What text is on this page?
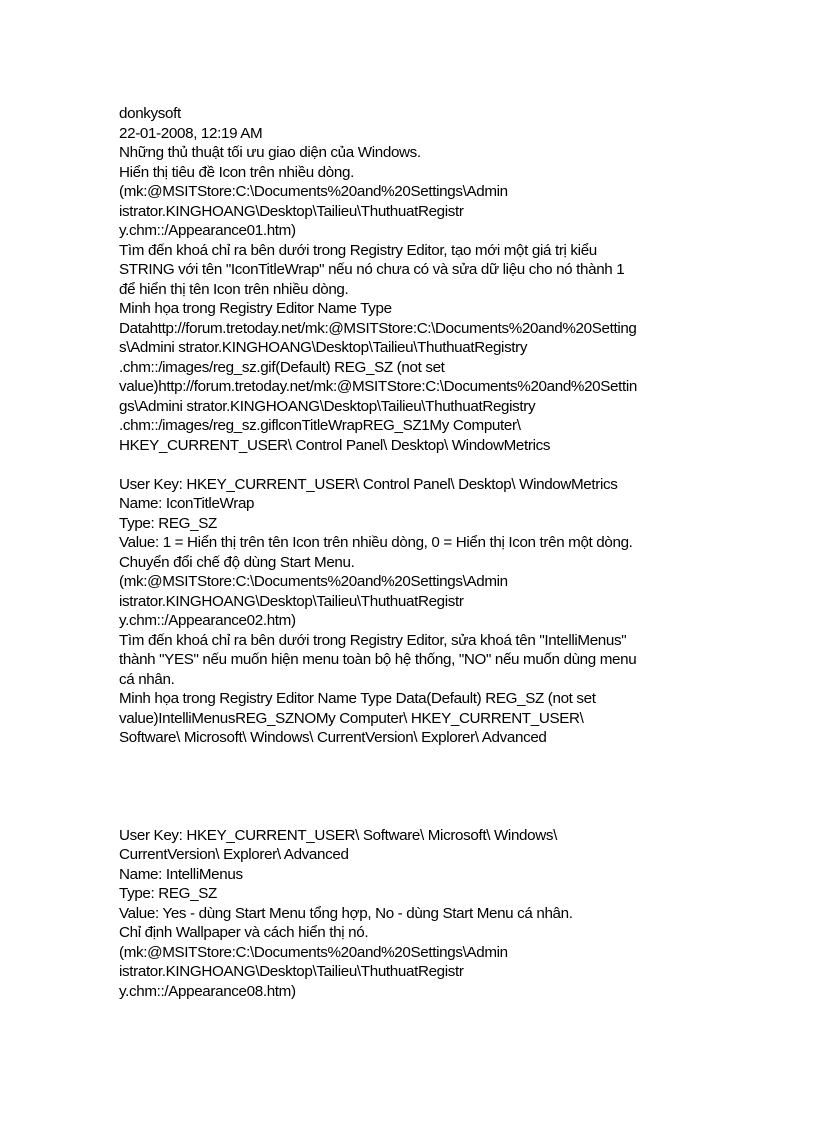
donkysoft
22-01-2008, 12:19 AM
Những thủ thuật tối ưu giao diện của Windows.
Hiển thị tiêu đề Icon trên nhiều dòng.
(mk:@MSITStore:C:\Documents%20and%20Settings\Admin
istrator.KINGHOANG\Desktop\Tailieu\ThuthuatRegistr
y.chm::/Appearance01.htm)
Tìm đến khoá chỉ ra bên dưới trong Registry Editor, tạo mới một giá trị kiểu
STRING với tên "IconTitleWrap" nếu nó chưa có và sửa dữ liệu cho nó thành 1
để hiển thị tên Icon trên nhiều dòng.
Minh họa trong Registry Editor Name Type
Datahttp://forum.tretoday.net/mk:@MSITStore:C:\Documents%20and%20Setting
s\Admini strator.KINGHOANG\Desktop\Tailieu\ThuthuatRegistry
.chm::/images/reg_sz.gif(Default) REG_SZ (not set
value)http://forum.tretoday.net/mk:@MSITStore:C:\Documents%20and%20Settin
gs\Admini strator.KINGHOANG\Desktop\Tailieu\ThuthuatRegistry
.chm::/images/reg_sz.giflconTitleWrapREG_SZ1My Computer\
HKEY_CURRENT_USER\ Control Panel\ Desktop\ WindowMetrics
User Key: HKEY_CURRENT_USER\ Control Panel\ Desktop\ WindowMetrics
Name: IconTitleWrap
Type: REG_SZ
Value: 1 = Hiển thị trên tên Icon trên nhiều dòng, 0 = Hiển thị Icon trên một dòng.
Chuyển đổi chế độ dùng Start Menu.
(mk:@MSITStore:C:\Documents%20and%20Settings\Admin
istrator.KINGHOANG\Desktop\Tailieu\ThuthuatRegistr
y.chm::/Appearance02.htm)
Tìm đến khoá chỉ ra bên dưới trong Registry Editor, sửa khoá tên "IntelliMenus"
thành "YES" nếu muốn hiện menu toàn bộ hệ thống, "NO" nếu muốn dùng menu
cá nhân.
Minh họa trong Registry Editor Name Type Data(Default) REG_SZ (not set
value)IntelliMenusREG_SZNOMy Computer\ HKEY_CURRENT_USER\
Software\ Microsoft\ Windows\ CurrentVersion\ Explorer\ Advanced
User Key: HKEY_CURRENT_USER\ Software\ Microsoft\ Windows\
CurrentVersion\ Explorer\ Advanced
Name: IntelliMenus
Type: REG_SZ
Value: Yes - dùng Start Menu tổng hợp, No - dùng Start Menu cá nhân.
Chỉ định Wallpaper và cách hiển thị nó.
(mk:@MSITStore:C:\Documents%20and%20Settings\Admin
istrator.KINGHOANG\Desktop\Tailieu\ThuthuatRegistr
y.chm::/Appearance08.htm)
